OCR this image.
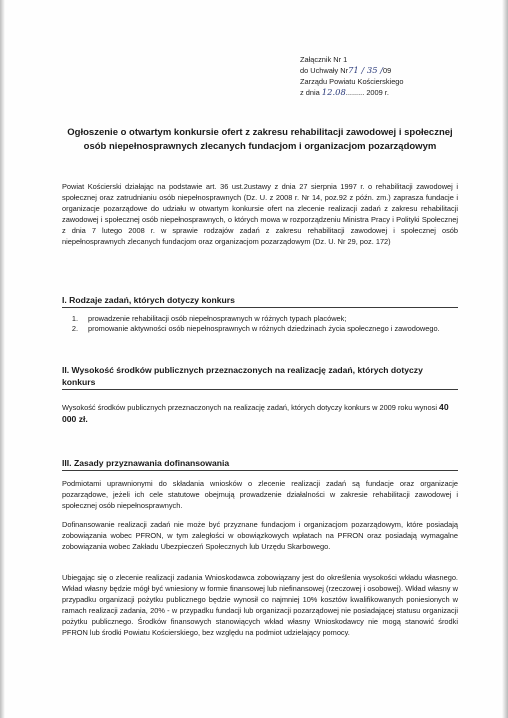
Załącznik Nr 1
do Uchwały Nr71 / 35 /09
Zarządu Powiatu Kościerskiego
z dnia 12.08......... 2009 r.
Ogłoszenie o otwartym konkursie ofert z zakresu rehabilitacji zawodowej i społecznej osób niepełnosprawnych zlecanych fundacjom i organizacjom pozarządowym
Powiat Kościerski działając na podstawie art. 36 ust.2ustawy z dnia 27 sierpnia 1997 r. o rehabilitacji zawodowej i społecznej oraz zatrudnianiu osób niepełnosprawnych (Dz. U. z 2008 r. Nr 14, poz.92 z późn. zm.) zaprasza fundacje i organizacje pozarządowe do udziału w otwartym konkursie ofert na zlecenie realizacji zadań z zakresu rehabilitacji zawodowej i społecznej osób niepełnosprawnych, o których mowa w rozporządzeniu Ministra Pracy i Polityki Społecznej z dnia 7 lutego 2008 r. w sprawie rodzajów zadań z zakresu rehabilitacji zawodowej i społecznej osób niepełnosprawnych zlecanych fundacjom oraz organizacjom pozarządowym (Dz. U. Nr 29, poz. 172)
I. Rodzaje zadań, których dotyczy konkurs
1.	prowadzenie rehabilitacji osób niepełnosprawnych w różnych typach placówek;
2.	promowanie aktywności osób niepełnosprawnych w różnych dziedzinach życia społecznego i zawodowego.
II. Wysokość środków publicznych przeznaczonych na realizację zadań, których dotyczy konkurs
Wysokość środków publicznych przeznaczonych na realizację zadań, których dotyczy konkurs w 2009 roku wynosi 40 000 zł.
III. Zasady przyznawania dofinansowania
Podmiotami uprawnionymi do składania wniosków o zlecenie realizacji zadań są fundacje oraz organizacje pozarządowe, jeżeli ich cele statutowe obejmują prowadzenie działalności w zakresie rehabilitacji zawodowej i społecznej osób niepełnosprawnych.
Dofinansowanie realizacji zadań nie może być przyznane fundacjom i organizacjom pozarządowym, które posiadają zobowiązania wobec PFRON, w tym zaległości w obowiązkowych wpłatach na PFRON oraz posiadają wymagalne zobowiązania wobec Zakładu Ubezpieczeń Społecznych lub Urzędu Skarbowego.
Ubiegając się o zlecenie realizacji zadania Wnioskodawca zobowiązany jest do określenia wysokości wkładu własnego. Wkład własny będzie mógł być wniesiony w formie finansowej lub niefinansowej (rzeczowej i osobowej). Wkład własny w przypadku organizacji pożytku publicznego będzie wynosił co najmniej 10% kosztów kwalifikowanych poniesionych w ramach realizacji zadania, 20% - w przypadku fundacji lub organizacji pozarządowej nie posiadającej statusu organizacji pożytku publicznego. Środków finansowych stanowiących wkład własny Wnioskodawcy nie mogą stanowić środki PFRON lub środki Powiatu Kościerskiego, bez względu na podmiot udzielający pomocy.
